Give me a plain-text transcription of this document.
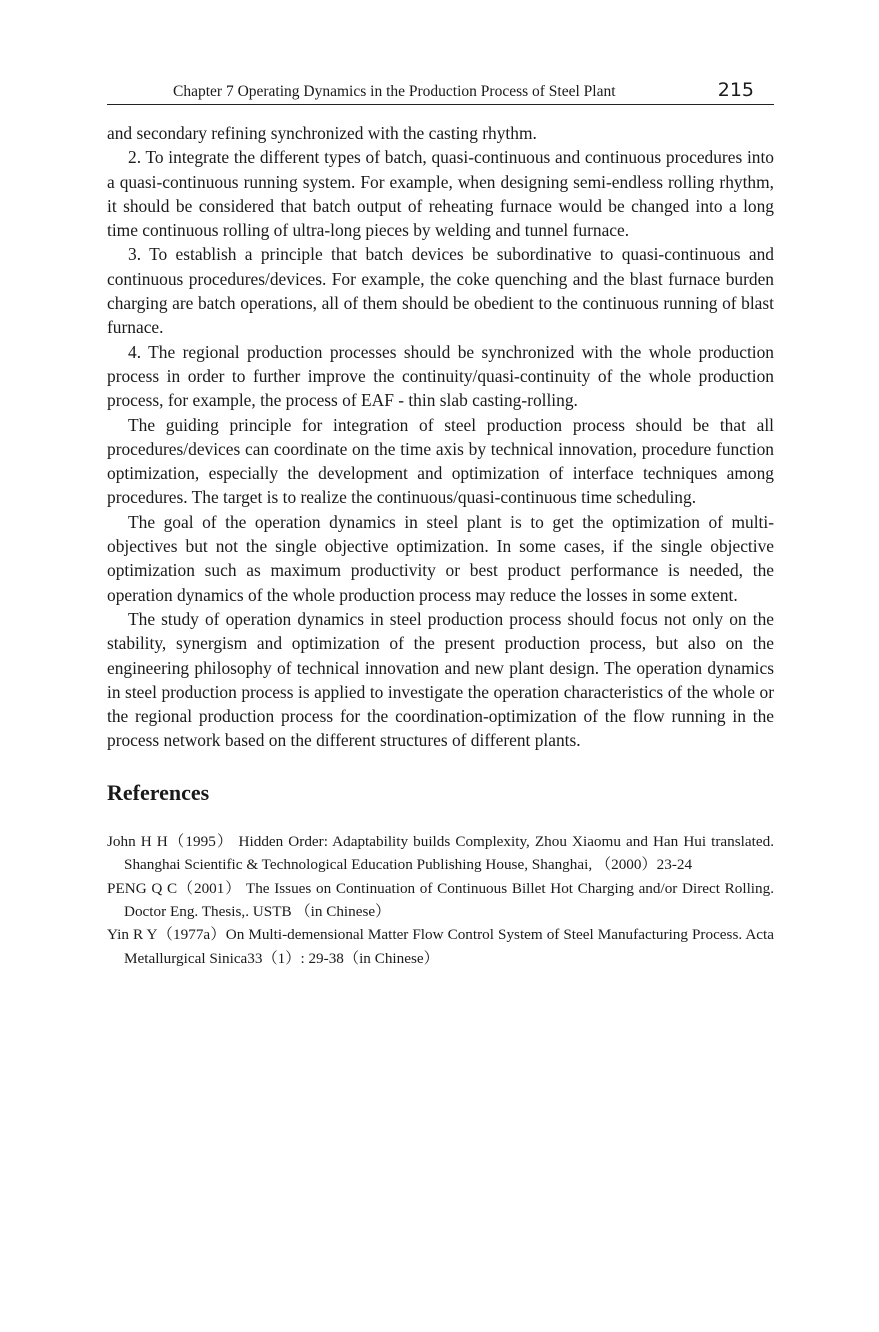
Chapter 7 Operating Dynamics in the Production Process of Steel Plant	215

and secondary refining synchronized with the casting rhythm.

2. To integrate the different types of batch, quasi-continuous and continuous procedures into a quasi-continuous running system. For example, when designing semi-endless rolling rhythm, it should be considered that batch output of reheating furnace would be changed into a long time continuous rolling of ultra-long pieces by welding and tunnel furnace.

3. To establish a principle that batch devices be subordinative to quasi-continuous and continuous procedures/devices. For example, the coke quenching and the blast furnace burden charging are batch operations, all of them should be obedient to the continuous running of blast furnace.

4. The regional production processes should be synchronized with the whole production process in order to further improve the continuity/quasi-continuity of the whole production process, for example, the process of EAF - thin slab casting-rolling.

The guiding principle for integration of steel production process should be that all procedures/devices can coordinate on the time axis by technical innovation, procedure function optimization, especially the development and optimization of interface techniques among procedures. The target is to realize the continuous/quasi-continuous time scheduling.

The goal of the operation dynamics in steel plant is to get the optimization of multi-objectives but not the single objective optimization. In some cases, if the single objective optimization such as maximum productivity or best product performance is needed, the operation dynamics of the whole production process may reduce the losses in some extent.

The study of operation dynamics in steel production process should focus not only on the stability, synergism and optimization of the present production process, but also on the engineering philosophy of technical innovation and new plant design. The operation dynamics in steel production process is applied to investigate the operation characteristics of the whole or the regional production process for the coordination-optimization of the flow running in the process network based on the different structures of different plants.

References

John H H（1995） Hidden Order: Adaptability builds Complexity, Zhou Xiaomu and Han Hui translated. Shanghai Scientific & Technological Education Publishing House, Shanghai, （2000）23-24

PENG Q C（2001） The Issues on Continuation of Continuous Billet Hot Charging and/or Direct Rolling. Doctor Eng. Thesis,. USTB （in Chinese）

Yin R Y（1977a）On Multi-demensional Matter Flow Control System of Steel Manufacturing Process. Acta Metallurgical Sinica33（1）: 29-38（in Chinese）
